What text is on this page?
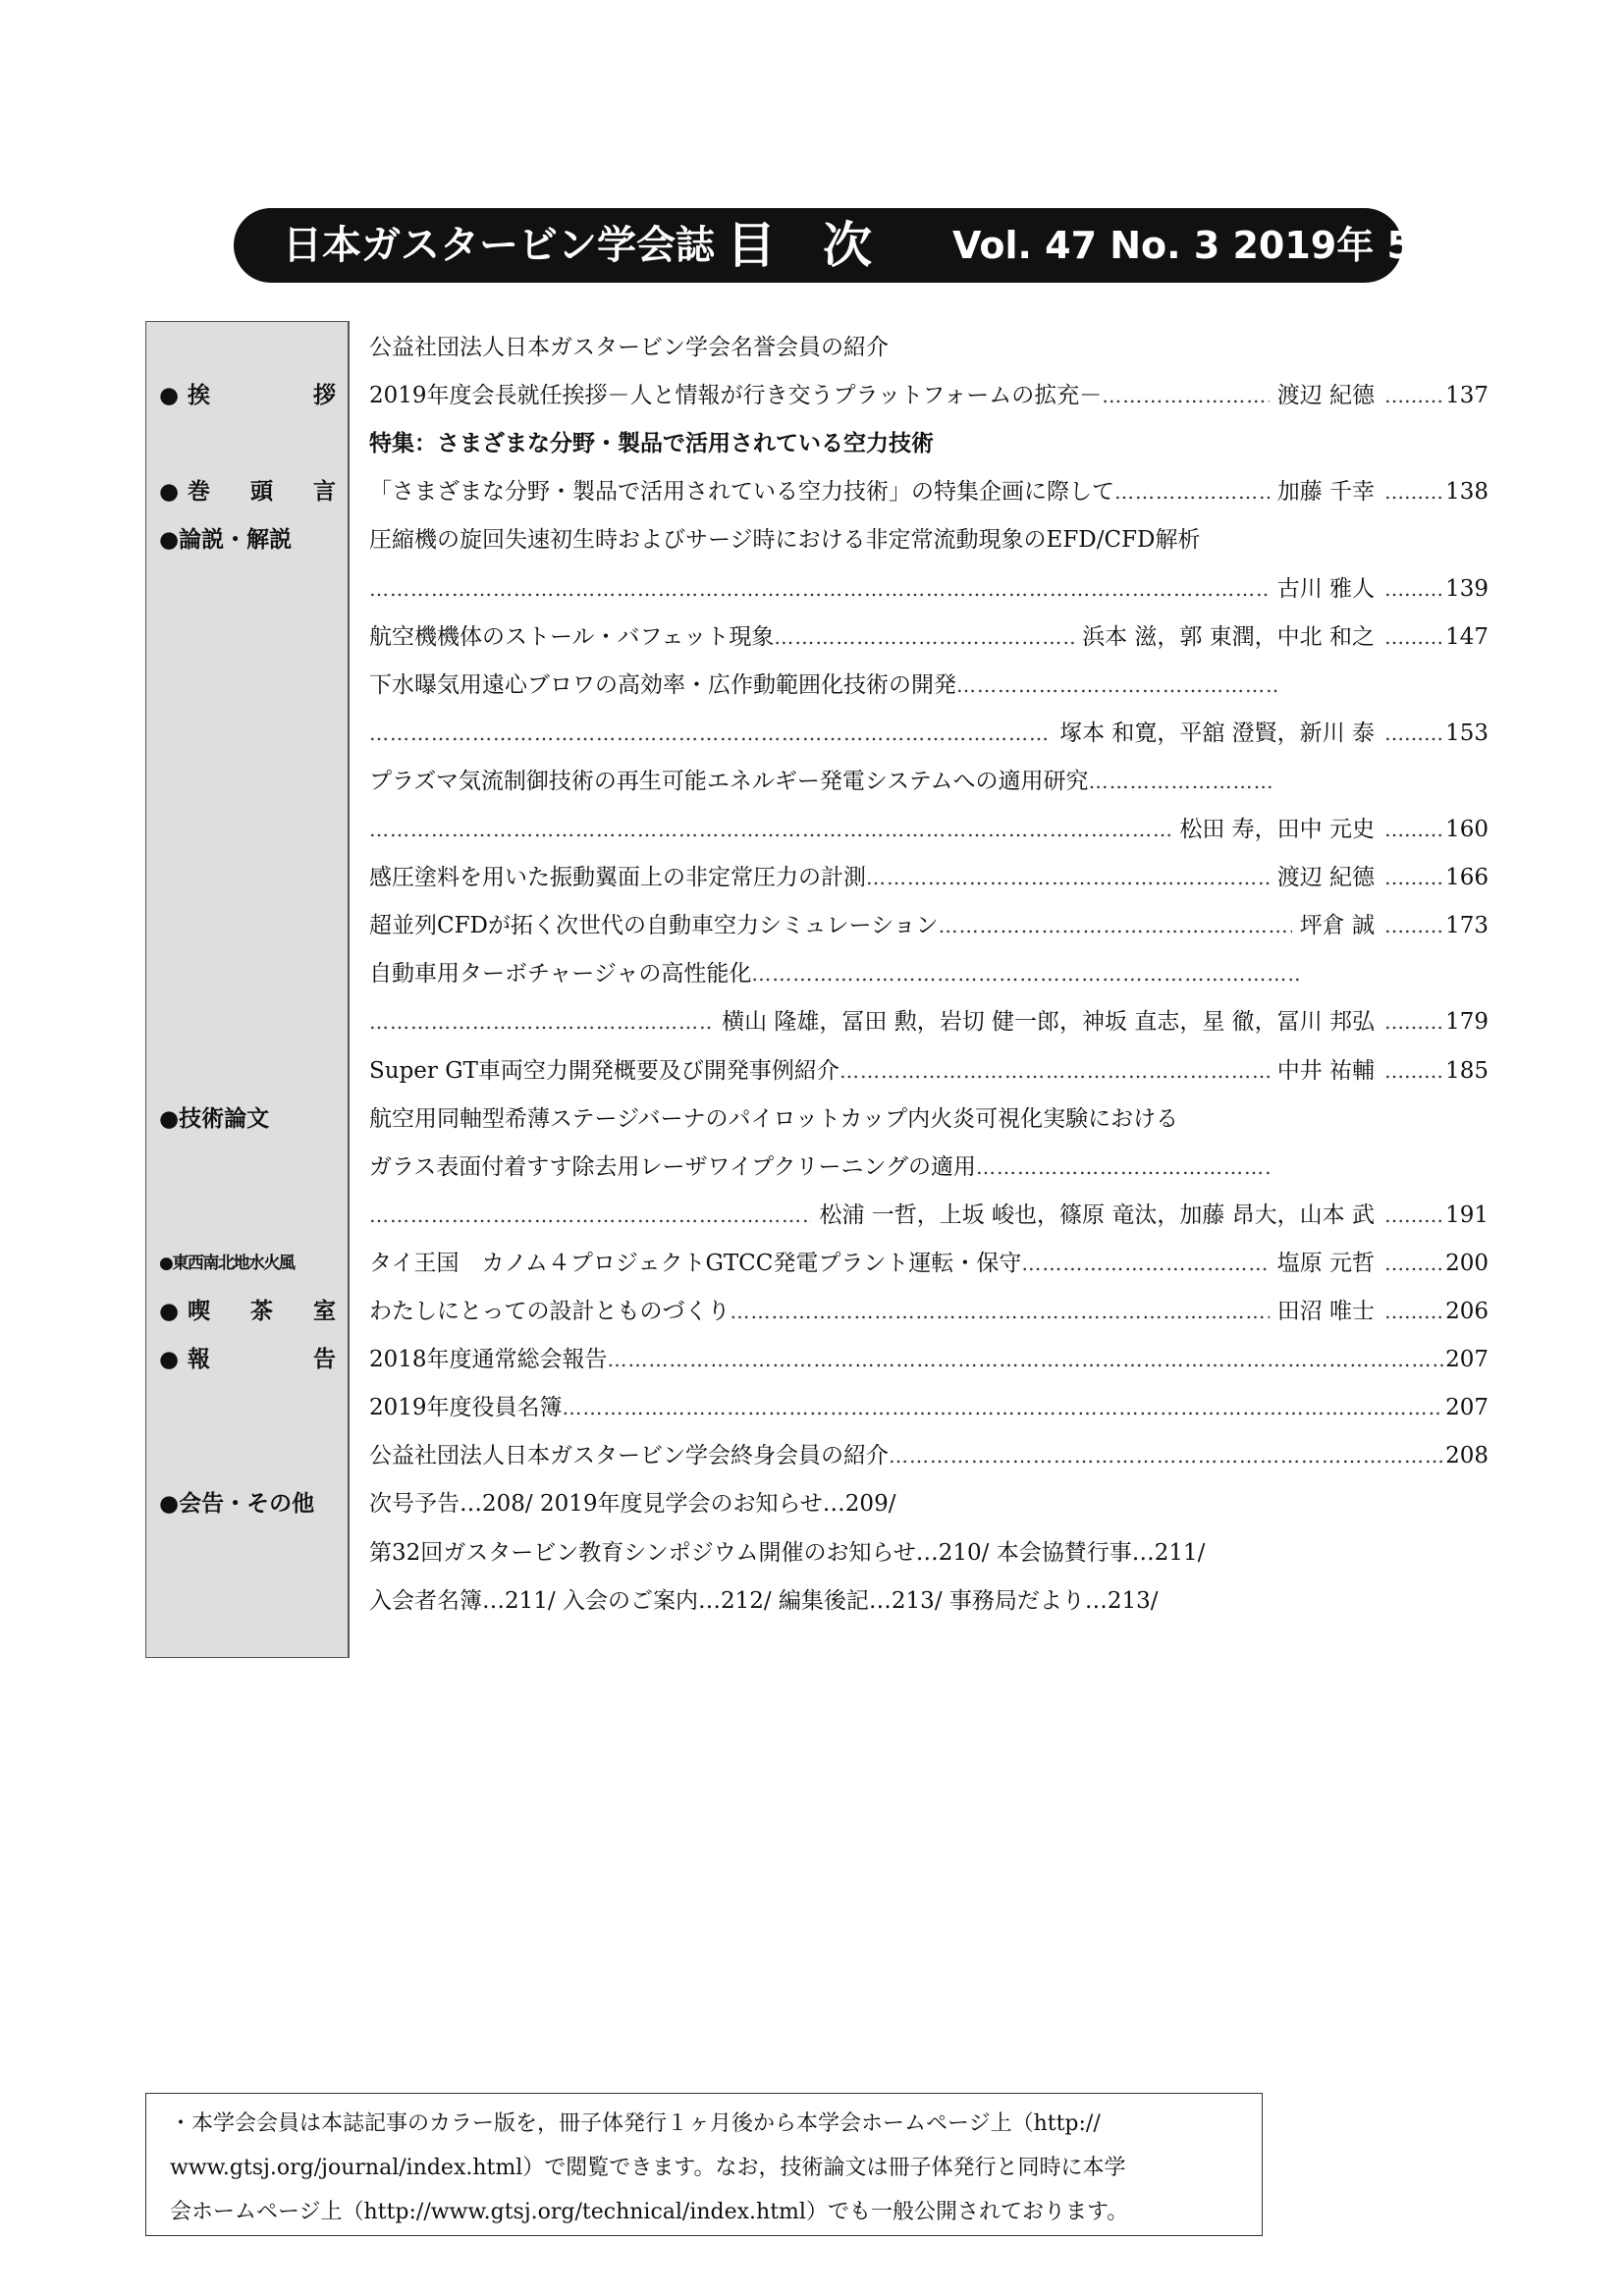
日本ガスタービン学会誌 目次 Vol. 47 No. 3 2019年 5 月
公益社団法人日本ガスタービン学会名誉会員の紹介
●挨　　　拶 2019年度会長就任挨拶－人と情報が行き交うプラットフォームの拡充－ ……………………………………………………………………………………………………………………………………………………………………………………………………………………	渡辺 紀德 ……… 137
特集：さまざまな分野・製品で活用されている空力技術
●巻　頭　言 「さまざまな分野・製品で活用されている空力技術」の特集企画に際して ……………………………………………………………………………………………………………………………………………………………………………………………………………………	加藤 千幸 ……… 138
●論説・解説	圧縮機の旋回失速初生時およびサージ時における非定常流動現象のEFD/CFD解析
……………………………………………………………………………………………………………………………………………………………………………………………………………………
古川 雅人 ……… 139
航空機機体のストール・バフェット現象 ……………………………………………………………………………………………………………………………………………………………………………………………………………………	浜本 滋，郭 東潤，中北 和之 ……… 147
下水曝気用遠心ブロワの高効率・広作動範囲化技術の開発
……………………………………………………………………………………………………………………………………………………………………………………………………………………
……………………………………………………………………………………………………………………………………………………………………………………………………………………
塚本 和寛，平舘 澄賢，新川 泰 ……… 153
プラズマ気流制御技術の再生可能エネルギー発電システムへの適用研究
……………………………………………………………………………………………………………………………………………………………………………………………………………………
……………………………………………………………………………………………………………………………………………………………………………………………………………………
松田 寿，田中 元史 ……… 160
感圧塗料を用いた振動翼面上の非定常圧力の計測 ……………………………………………………………………………………………………………………………………………………………………………………………………………………	渡辺 紀德 ……… 166
超並列CFDが拓く次世代の自動車空力シミュレーション ……………………………………………………………………………………………………………………………………………………………………………………………………………………	坪倉 誠 ……… 173
自動車用ターボチャージャの高性能化
……………………………………………………………………………………………………………………………………………………………………………………………………………………
……………………………………………………………………………………………………………………………………………………………………………………………………………………
横山 隆雄，冨田 勲，岩切 健一郎，神坂 直志，星 徹，冨川 邦弘 ……… 179
Super GT車両空力開発概要及び開発事例紹介 ……………………………………………………………………………………………………………………………………………………………………………………………………………………	中井 祐輔 ……… 185
●技術論文	航空用同軸型希薄ステージバーナのパイロットカップ内火炎可視化実験における
ガラス表面付着すす除去用レーザワイプクリーニングの適用
……………………………………………………………………………………………………………………………………………………………………………………………………………………
……………………………………………………………………………………………………………………………………………………………………………………………………………………
松浦 一哲，上坂 峻也，篠原 竜汰，加藤 昂大，山本 武 ……… 191
●東西南北地水火風	タイ王国　カノム４プロジェクトGTCC発電プラント運転・保守 ……………………………………………………………………………………………………………………………………………………………………………………………………………………	塩原 元哲 ……… 200
●喫　茶　室 わたしにとっての設計とものづくり ……………………………………………………………………………………………………………………………………………………………………………………………………………………	田沼 唯士 ……… 206
●報　　　告 2018年度通常総会報告 ……………………………………………………………………………………………………………………………………………………………………………………………………………………	207
2019年度役員名簿 ……………………………………………………………………………………………………………………………………………………………………………………………………………………	207
公益社団法人日本ガスタービン学会終身会員の紹介 ……………………………………………………………………………………………………………………………………………………………………………………………………………………	208
●会告・その他	次号予告…208/ 2019年度見学会のお知らせ…209/
第32回ガスタービン教育シンポジウム開催のお知らせ…210/ 本会協賛行事…211/
入会者名簿…211/ 入会のご案内…212/ 編集後記…213/ 事務局だより…213/
・本学会会員は本誌記事のカラー版を，冊子体発行１ヶ月後から本学会ホームページ上（http://
www.gtsj.org/journal/index.html）で閲覧できます。なお，技術論文は冊子体発行と同時に本学
会ホームページ上（http://www.gtsj.org/technical/index.html）でも一般公開されております。
